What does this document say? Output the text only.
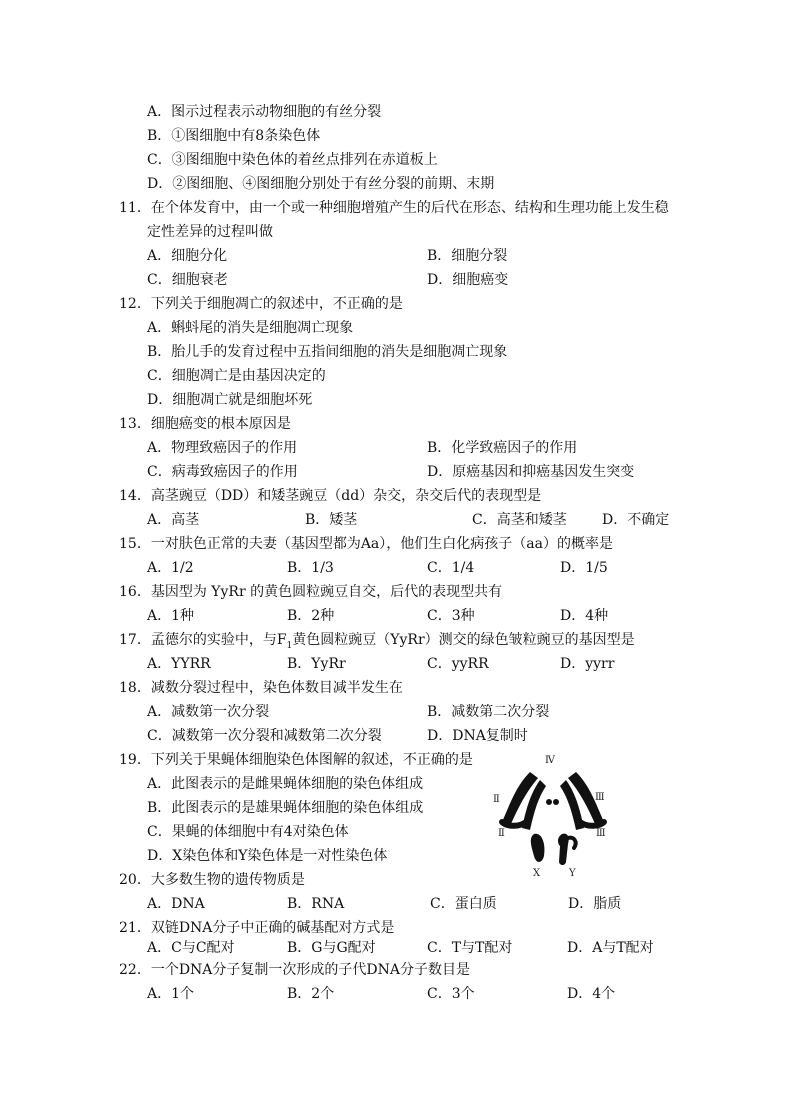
A．图示过程表示动物细胞的有丝分裂
B．①图细胞中有8条染色体
C．③图细胞中染色体的着丝点排列在赤道板上
D．②图细胞、④图细胞分别处于有丝分裂的前期、末期
11．在个体发育中，由一个或一种细胞增殖产生的后代在形态、结构和生理功能上发生稳
定性差异的过程叫做
A．细胞分化	B．细胞分裂
C．细胞衰老	D．细胞癌变
12．下列关于细胞凋亡的叙述中，不正确的是
A．蝌蚪尾的消失是细胞凋亡现象
B．胎儿手的发育过程中五指间细胞的消失是细胞凋亡现象
C．细胞凋亡是由基因决定的
D．细胞凋亡就是细胞坏死
13．细胞癌变的根本原因是
A．物理致癌因子的作用	B．化学致癌因子的作用
C．病毒致癌因子的作用	D．原癌基因和抑癌基因发生突变
14．高茎豌豆（DD）和矮茎豌豆（dd）杂交，杂交后代的表现型是
A．高茎	B．矮茎	C．高茎和矮茎	D．不确定
15．一对肤色正常的夫妻（基因型都为Aa），他们生白化病孩子（aa）的概率是
A．1/2	B．1/3	C．1/4	D．1/5
16．基因型为 YyRr 的黄色圆粒豌豆自交，后代的表现型共有
A．1种	B．2种	C．3种	D．4种
17．孟德尔的实验中，与$F_1$黄色圆粒豌豆（YyRr）测交的绿色皱粒豌豆的基因型是
A．YYRR	B．YyRr	C．yyRR	D．yyrr
18．减数分裂过程中，染色体数目减半发生在
A．减数第一次分裂	B．减数第二次分裂
C．减数第一次分裂和减数第二次分裂	D．DNA复制时
19．下列关于果蝇体细胞染色体图解的叙述，不正确的是
A．此图表示的是雌果蝇体细胞的染色体组成
B．此图表示的是雄果蝇体细胞的染色体组成
C．果蝇的体细胞中有4对染色体
D．X染色体和Y染色体是一对性染色体
Ⅳ
Ⅱ	Ⅲ
Ⅱ	Ⅲ
X	Y
20．大多数生物的遗传物质是
A．DNA	B．RNA	C．蛋白质	D．脂质
21．双链DNA分子中正确的碱基配对方式是
A．C与C配对	B．G与G配对	C．T与T配对	D．A与T配对
22．一个DNA分子复制一次形成的子代DNA分子数目是
A．1个	B．2个	C．3个	D．4个
